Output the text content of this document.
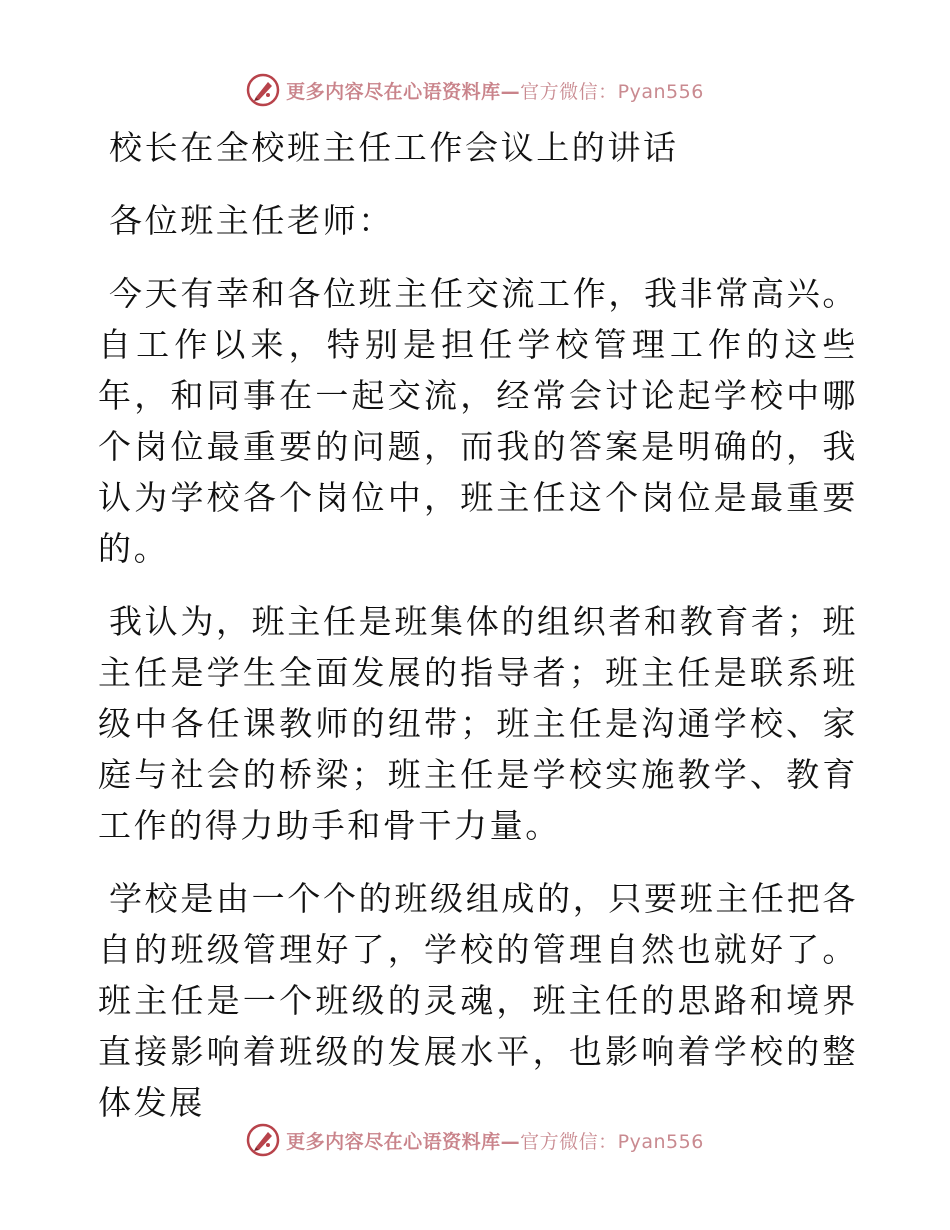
更多内容尽在心语资料库—官方微信：Pyan556

校长在全校班主任工作会议上的讲话

各位班主任老师：

今天有幸和各位班主任交流工作，我非常高兴。自工作以来，特别是担任学校管理工作的这些年，和同事在一起交流，经常会讨论起学校中哪个岗位最重要的问题，而我的答案是明确的，我认为学校各个岗位中，班主任这个岗位是最重要的。

我认为，班主任是班集体的组织者和教育者；班主任是学生全面发展的指导者；班主任是联系班级中各任课教师的纽带；班主任是沟通学校、家庭与社会的桥梁；班主任是学校实施教学、教育工作的得力助手和骨干力量。

学校是由一个个的班级组成的，只要班主任把各自的班级管理好了，学校的管理自然也就好了。班主任是一个班级的灵魂，班主任的思路和境界直接影响着班级的发展水平，也影响着学校的整体发展

更多内容尽在心语资料库—官方微信：Pyan556
